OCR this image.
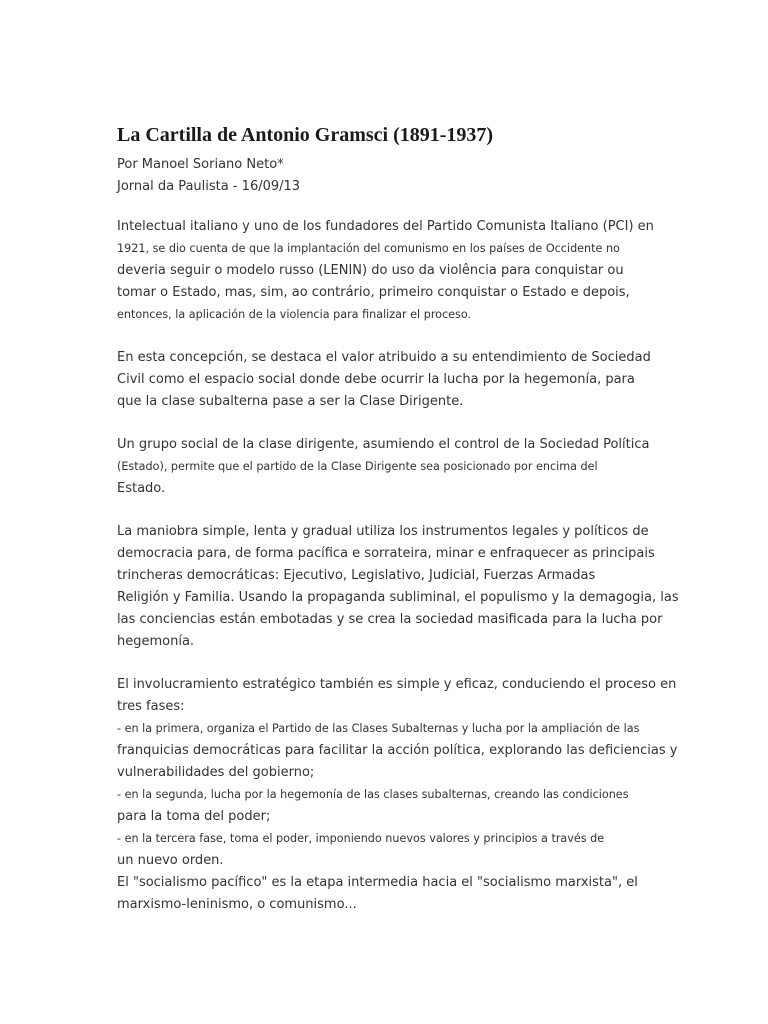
La Cartilla de Antonio Gramsci (1891-1937)

Por Manoel Soriano Neto*

Jornal da Paulista - 16/09/13

Intelectual italiano y uno de los fundadores del Partido Comunista Italiano (PCI) en
1921, se dio cuenta de que la implantación del comunismo en los países de Occidente no
deveria seguir o modelo russo (LENIN) do uso da violência para conquistar ou
tomar o Estado, mas, sim, ao contrário, primeiro conquistar o Estado e depois,
entonces, la aplicación de la violencia para finalizar el proceso.

En esta concepción, se destaca el valor atribuido a su entendimiento de Sociedad
Civil como el espacio social donde debe ocurrir la lucha por la hegemonía, para
que la clase subalterna pase a ser la Clase Dirigente.

Un grupo social de la clase dirigente, asumiendo el control de la Sociedad Política
(Estado), permite que el partido de la Clase Dirigente sea posicionado por encima del
Estado.

La maniobra simple, lenta y gradual utiliza los instrumentos legales y políticos de
democracia para, de forma pacífica e sorrateira, minar e enfraquecer as principais
trincheras democráticas: Ejecutivo, Legislativo, Judicial, Fuerzas Armadas
Religión y Familia. Usando la propaganda subliminal, el populismo y la demagogia, las
las conciencias están embotadas y se crea la sociedad masificada para la lucha por
hegemonía.

El involucramiento estratégico también es simple y eficaz, conduciendo el proceso en
tres fases:
- en la primera, organiza el Partido de las Clases Subalternas y lucha por la ampliación de las
franquicias democráticas para facilitar la acción política, explorando las deficiencias y
vulnerabilidades del gobierno;
- en la segunda, lucha por la hegemonía de las clases subalternas, creando las condiciones
para la toma del poder;
- en la tercera fase, toma el poder, imponiendo nuevos valores y principios a través de
un nuevo orden.
El "socialismo pacífico" es la etapa intermedia hacia el "socialismo marxista", el
marxismo-leninismo, o comunismo...
